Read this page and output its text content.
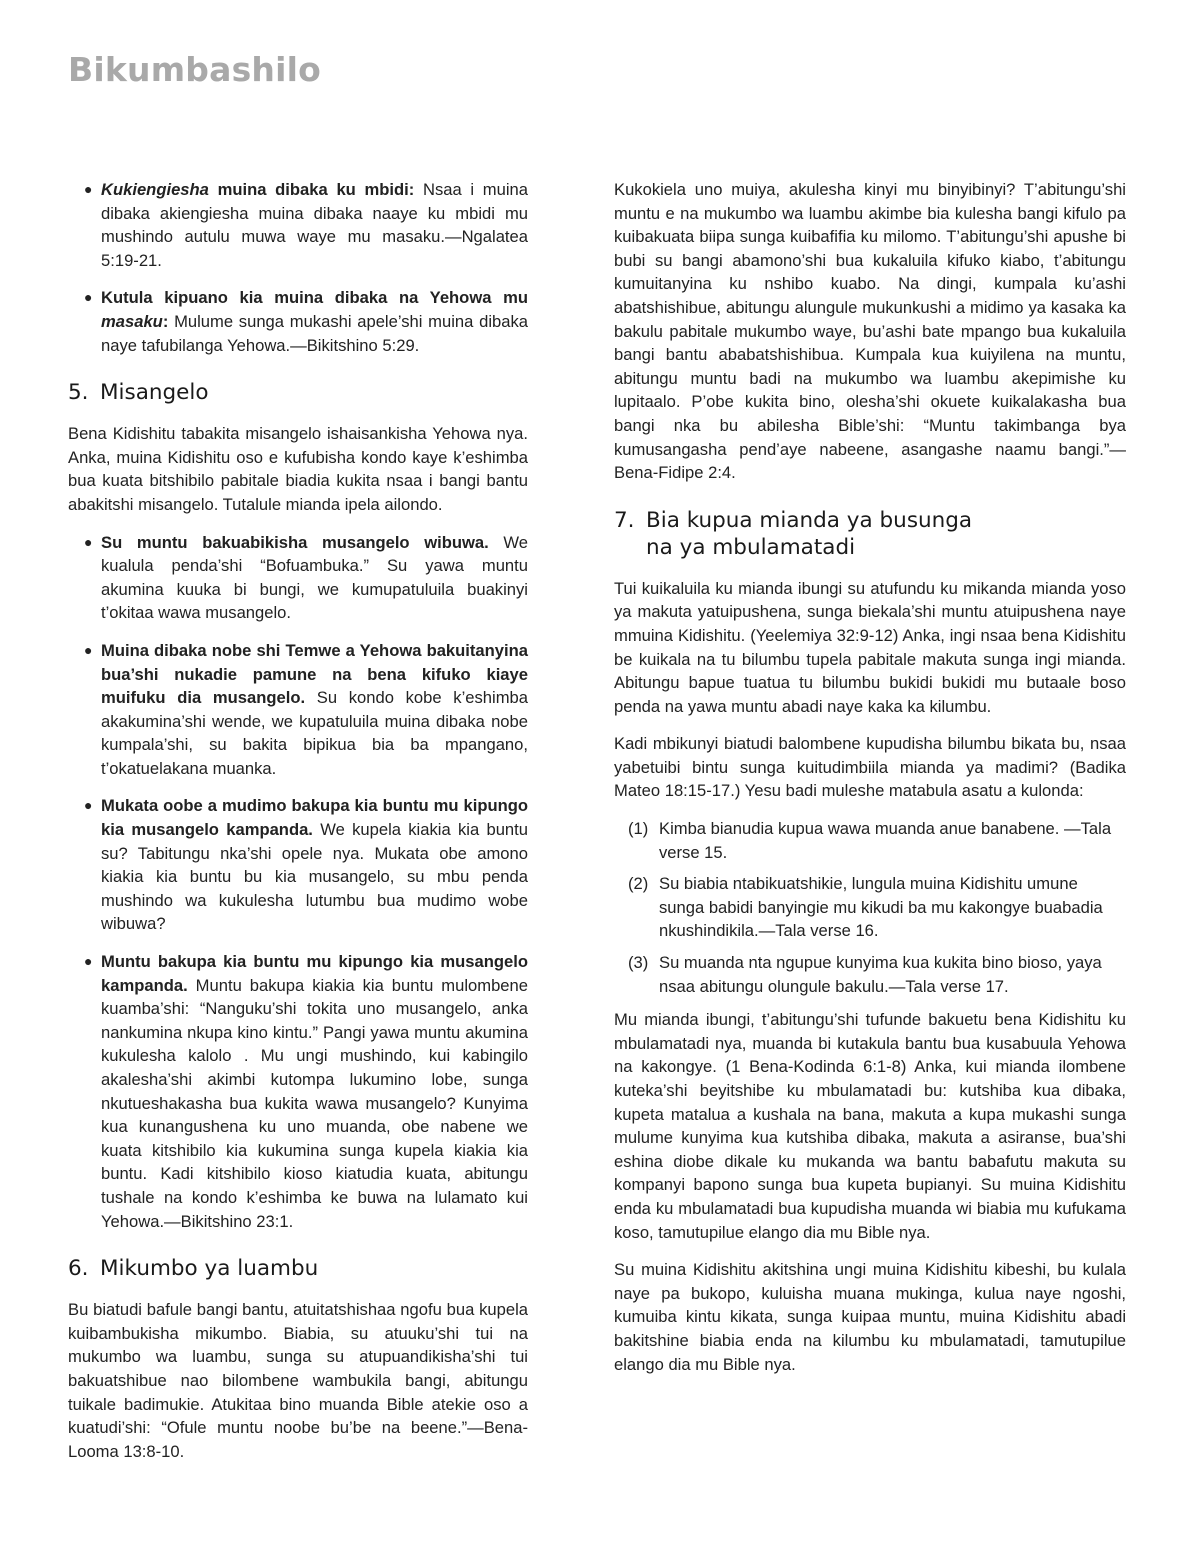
Bikumbashilo
● Kukiengiesha muina dibaka ku mbidi: Nsaa i muina dibaka akiengiesha muina dibaka naaye ku mbidi mu mushindo autulu muwa waye mu masaku.—Ngalatea 5:19-21.
● Kutula kipuano kia muina dibaka na Yehowa mu masaku: Mulume sunga mukashi apele’shi muina dibaka naye tafubilanga Yehowa.—Bikitshino 5:29.
5. Misangelo

Bena Kidishitu tabakita misangelo ishaisankisha Yehowa nya. Anka, muina Kidishitu oso e kufubisha kondo kaye k’eshimba bua kuata bitshibilo pabitale biadia kukita nsaa i bangi bantu abakitshi misangelo. Tutalule mianda ipela ailondo.

● Su muntu bakuabikisha musangelo wibuwa. We kualula penda’shi “Bofuambuka.” Su yawa muntu akumina kuuka bi bungi, we kumupatuluila buakinyi t’okitaa wawa musangelo.
● Muina dibaka nobe shi Temwe a Yehowa bakuitanyina bua’shi nukadie pamune na bena kifuko kiaye muifuku dia musangelo. Su kondo kobe k’eshimba akakumina’shi wende, we kupatuluila muina dibaka nobe kumpala’shi, su bakita bipikua bia ba mpangano, t’okatuelakana muanka.
● Mukata oobe a mudimo bakupa kia buntu mu kipungo kia musangelo kampanda. We kupela kiakia kia buntu su? Tabitungu nka’shi opele nya. Mukata obe amono kiakia kia buntu bu kia musangelo, su mbu penda mushindo wa kukulesha lutumbu bua mudimo wobe wibuwa?
● Muntu bakupa kia buntu mu kipungo kia musangelo kampanda. Muntu bakupa kiakia kia buntu mulombene kuamba’shi: “Nanguku’shi tokita uno musangelo, anka nankumina nkupa kino kintu.” Pangi yawa muntu akumina kukulesha kalolo . Mu ungi mushindo, kui kabingilo akalesha’shi akimbi kutompa lukumino lobe, sunga nkutueshakasha bua kukita wawa musangelo? Kunyima kua kunangushena ku uno muanda, obe nabene we kuata kitshibilo kia kukumina sunga kupela kiakia kia buntu. Kadi kitshibilo kioso kiatudia kuata, abitungu tushale na kondo k’eshimba ke buwa na lulamato kui Yehowa.—Bikitshino 23:1.
6. Mikumbo ya luambu

Bu biatudi bafule bangi bantu, atuitatshishaa ngofu bua kupela kuibambukisha mikumbo. Biabia, su atuuku’shi tui na mukumbo wa luambu, sunga su atupuandikisha’shi tui bakuatshibue nao bilombene wambukila bangi, abitungu tuikale badimukie. Atukitaa bino muanda Bible atekie oso a kuatudi’shi: “Ofule muntu noobe bu’be na beene.”—Bena-Looma 13:8-10.

Kukokiela uno muiya, akulesha kinyi mu binyibinyi? T’abitungu’shi muntu e na mukumbo wa luambu akimbe bia kulesha bangi kifulo pa kuibakuata biipa sunga kuibafifia ku milomo. T’abitungu’shi apushe bi bubi su bangi abamono’shi bua kukaluila kifuko kiabo, t’abitungu kumuitanyina ku nshibo kuabo. Na dingi, kumpala ku’ashi abatshishibue, abitungu alungule mukunkushi a midimo ya kasaka ka bakulu pabitale mukumbo waye, bu’ashi bate mpango bua kukaluila bangi bantu ababatshishibua. Kumpala kua kuiyilena na muntu, abitungu muntu badi na mukumbo wa luambu akepimishe ku lupitaalo. P’obe kukita bino, olesha’shi okuete kuikalakasha bua bangi nka bu abilesha Bible’shi: “Muntu takimbanga bya kumusangasha pend’aye nabeene, asangashe naamu bangi.”—Bena-Fidipe 2:4.

7. Bia kupua mianda ya busunga
na ya mbulamatadi

Tui kuikaluila ku mianda ibungi su atufundu ku mikanda mianda yoso ya makuta yatuipushena, sunga biekala’shi muntu atuipushena naye mmuina Kidishitu. (Yeelemiya 32:9-12) Anka, ingi nsaa bena Kidishitu be kuikala na tu bilumbu tupela pabitale makuta sunga ingi mianda. Abitungu bapue tuatua tu bilumbu bukidi bukidi mu butaale boso penda na yawa muntu abadi naye kaka ka kilumbu.

Kadi mbikunyi biatudi balombene kupudisha bilumbu bikata bu, nsaa yabetuibi bintu sunga kuitudimbiila mianda ya madimi? (Badika Mateo 18:15-17.) Yesu badi muleshe matabula asatu a kulonda:

(1) Kimba bianudia kupua wawa muanda anue banabene. —Tala verse 15.
(2) Su biabia ntabikuatshikie, lungula muina Kidishitu umune sunga babidi banyingie mu kikudi ba mu kakongye buabadia nkushindikila.—Tala verse 16.
(3) Su muanda nta ngupue kunyima kua kukita bino bioso, yaya nsaa abitungu olungule bakulu.—Tala verse 17.

Mu mianda ibungi, t’abitungu’shi tufunde bakuetu bena Kidishitu ku mbulamatadi nya, muanda bi kutakula bantu bua kusabuula Yehowa na kakongye. (1 Bena-Kodinda 6:1-8) Anka, kui mianda ilombene kuteka’shi beyitshibe ku mbulamatadi bu: kutshiba kua dibaka, kupeta matalua a kushala na bana, makuta a kupa mukashi sunga mulume kunyima kua kutshiba dibaka, makuta a asiranse, bua’shi eshina diobe dikale ku mukanda wa bantu babafutu makuta su kompanyi bapono sunga bua kupeta bupianyi. Su muina Kidishitu enda ku mbulamatadi bua kupudisha muanda wi biabia mu kufukama koso, tamutupilue elango dia mu Bible nya.

Su muina Kidishitu akitshina ungi muina Kidishitu kibeshi, bu kulala naye pa bukopo, kuluisha muana mukinga, kulua naye ngoshi, kumuiba kintu kikata, sunga kuipaa muntu, muina Kidishitu abadi bakitshine biabia enda na kilumbu ku mbulamatadi, tamutupilue elango dia mu Bible nya.
